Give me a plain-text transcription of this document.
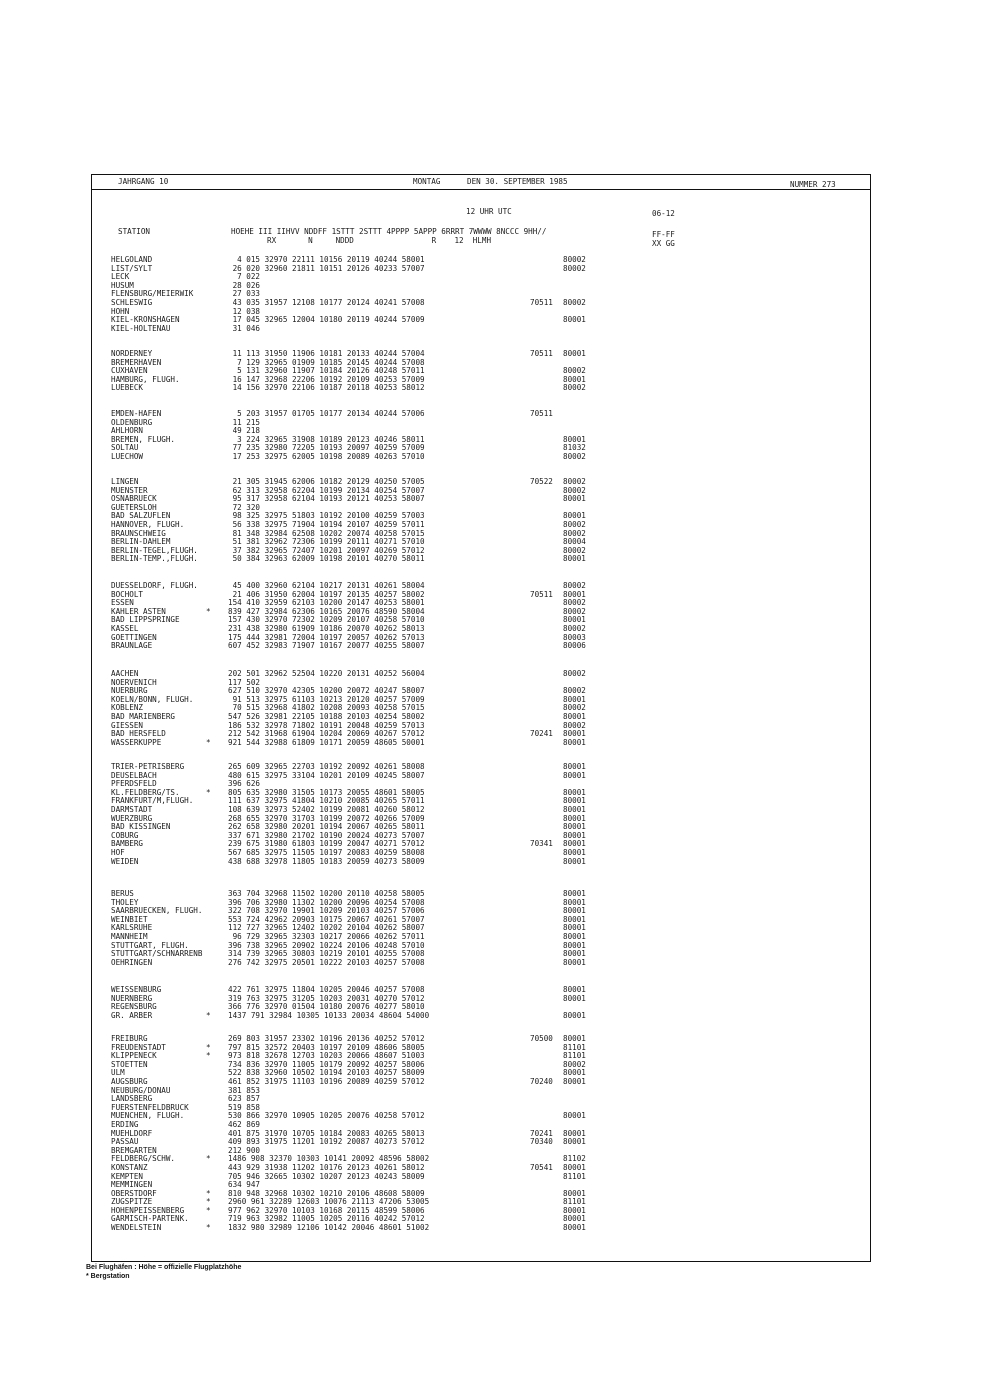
JAHRGANG 10	MONTAG	DEN 30. SEPTEMBER 1985	NUMMER 273
12 UHR UTC	06-12
STATION	HOEHE III IIHVV NDDFF 1STTT 2STTT 4PPPP 5APPP 6RRRT 7WWWW 8NCCC 9HH//
RX       N     NDDD                 R    12  HLMH
FF-FF
XX GG
HELGOLAND	4 015 32970 22111 10156 20119 40244 58001	80002
LIST/SYLT	26 020 32960 21811 10151 20126 40233 57007	80002
LECK	7 022
HUSUM	28 026
FLENSBURG/MEIERWIK	27 033
SCHLESWIG	43 035 31957 12108 10177 20124 40241 57008	70511 80002
HOHN	12 038
KIEL-KRONSHAGEN	17 045 32965 12004 10180 20119 40244 57009	80001
KIEL-HOLTENAU	31 046
NORDERNEY	11 113 31950 11906 10181 20133 40244 57004	70511 80001
BREMERHAVEN	7 129 32965 01909 10185 20145 40244 57008
CUXHAVEN	5 131 32960 11907 10184 20126 40248 57011	80002
HAMBURG, FLUGH.	16 147 32968 22206 10192 20109 40253 57009	80001
LUEBECK	14 156 32970 22106 10187 20118 40253 58012	80002
EMDEN-HAFEN	5 203 31957 01705 10177 20134 40244 57006	70511
OLDENBURG	11 215
AHLHORN	49 218
BREMEN, FLUGH.	3 224 32965 31908 10189 20123 40246 58011	80001
SOLTAU	77 235 32980 72205 10193 20097 40259 57009	81032
LUECHOW	17 253 32975 62005 10198 20089 40263 57010	80002
LINGEN	21 305 31945 62006 10182 20129 40250 57005	70522 80002
MUENSTER	62 313 32958 62204 10199 20134 40254 57007	80002
OSNABRUECK	95 317 32958 62104 10193 20121 40253 58007	80001
GUETERSLOH	72 320
BAD SALZUFLEN	98 325 32975 51803 10192 20100 40259 57003	80001
HANNOVER, FLUGH.	56 338 32975 71904 10194 20107 40259 57011	80002
BRAUNSCHWEIG	81 348 32984 62508 10202 20074 40258 57015	80002
BERLIN-DAHLEM	51 381 32962 72306 10199 20111 40271 57010	80004
BERLIN-TEGEL,FLUGH.	37 382 32965 72407 10201 20097 40269 57012	80002
BERLIN-TEMP.,FLUGH.	50 384 32963 62009 10198 20101 40270 58011	80001
DUESSELDORF, FLUGH.	45 400 32960 62104 10217 20131 40261 58004	80002
BOCHOLT	21 406 31950 62004 10197 20135 40257 58002	70511 80001
ESSEN	154 410 32959 62103 10200 20147 40253 58001	80002
KAHLER ASTEN	* 839 427 32984 62306 10165 20076 48590 58004	80002
BAD LIPPSPRINGE	157 430 32970 72302 10209 20107 40258 57010	80001
KASSEL	231 438 32980 61909 10186 20070 40262 58013	80002
GOETTINGEN	175 444 32981 72004 10197 20057 40262 57013	80003
BRAUNLAGE	607 452 32983 71907 10167 20077 40255 58007	80006
AACHEN	202 501 32962 52504 10220 20131 40252 56004	80002
NOERVENICH	117 502
NUERBURG	627 510 32970 42305 10200 20072 40247 58007	80002
KOELN/BONN, FLUGH.	91 513 32975 61103 10213 20120 40257 57009	80001
KOBLENZ	70 515 32968 41802 10208 20093 40258 57015	80002
BAD MARIENBERG	547 526 32981 22105 10188 20103 40254 58002	80001
GIESSEN	186 532 32978 71802 10191 20048 40259 57013	80002
BAD HERSFELD	212 542 31968 61904 10204 20069 40267 57012	70241 80001
WASSERKUPPE	* 921 544 32988 61809 10171 20059 48605 50001	80001
TRIER-PETRISBERG	265 609 32965 22703 10192 20092 40261 58008	80001
DEUSELBACH	480 615 32975 33104 10201 20109 40245 58007	80001
PFERDSFELD	396 626
KL.FELDBERG/TS.	* 805 635 32980 31505 10173 20055 48601 58005	80001
FRANKFURT/M,FLUGH.	111 637 32975 41804 10210 20085 40265 57011	80001
DARMSTADT	108 639 32973 52402 10199 20081 40260 58012	80001
WUERZBURG	268 655 32970 31703 10199 20072 40266 57009	80001
BAD KISSINGEN	262 658 32980 20201 10194 20067 40265 58011	80001
COBURG	337 671 32980 21702 10190 20024 40273 57007	80001
BAMBERG	239 675 31980 61803 10199 20047 40271 57012	70341 80001
HOF	567 685 32975 11505 10197 20083 40259 58008	80001
WEIDEN	438 688 32978 11805 10183 20059 40273 58009	80001
BERUS	363 704 32968 11502 10200 20110 40258 58005	80001
THOLEY	396 706 32980 11302 10200 20096 40254 57008	80001
SAARBRUECKEN, FLUGH.	322 708 32970 19901 10209 20103 40257 57006	80001
WEINBIET	553 724 42962 20903 10175 20067 40261 57007	80001
KARLSRUHE	112 727 32965 12402 10202 20104 40262 58007	80001
MANNHEIM	96 729 32965 32303 10217 20066 40262 57011	80001
STUTTGART, FLUGH.	396 738 32965 20902 10224 20106 40248 57010	80001
STUTTGART/SCHNARRENB	314 739 32965 30803 10219 20101 40255 57008	80001
OEHRINGEN	276 742 32975 20501 10222 20103 40257 57008	80001
WEISSENBURG	422 761 32975 11804 10205 20046 40257 57008	80001
NUERNBERG	319 763 32975 31205 10203 20031 40270 57012	80001
REGENSBURG	366 776 32970 01504 10180 20076 40277 58010
GR. ARBER	* 1437 791 32984 10305 10133 20034 48604 54000	80001
FREIBURG	269 803 31957 23302 10196 20136 40252 57012	70500 80001
FREUDENSTADT	* 797 815 32572 20403 10197 20109 48606 58005	81101
KLIPPENECK	* 973 818 32678 12703 10203 20066 48607 51003	81101
STOETTEN	734 836 32970 11005 10179 20092 40257 58006	80002
ULM	522 838 32960 10502 10194 20103 40257 58009	80001
AUGSBURG	461 852 31975 11103 10196 20089 40259 57012	70240 80001
NEUBURG/DONAU	381 853
LANDSBERG	623 857
FUERSTENFELDBRUCK	519 858
MUENCHEN, FLUGH.	530 866 32970 10905 10205 20076 40258 57012	80001
ERDING	462 869
MUEHLDORF	401 875 31970 10705 10184 20083 40265 58013	70241 80001
PASSAU	409 893 31975 11201 10192 20087 40273 57012	70340 80001
BREMGARTEN	212 900
FELDBERG/SCHW.	* 1486 908 32370 10303 10141 20092 48596 58002	81102
KONSTANZ	443 929 31938 11202 10176 20123 40261 58012	70541 80001
KEMPTEN	705 946 32665 10302 10207 20123 40243 58009	81101
MEMMINGEN	634 947
OBERSTDORF	* 810 948 32968 10302 10210 20106 48608 58009	80001
ZUGSPITZE	* 2960 961 32289 12603 10076 21113 47206 53005	81101
HOHENPEISSENBERG	* 977 962 32970 10103 10168 20115 48599 58006	80001
GARMISCH-PARTENK.	719 963 32982 11005 10205 20116 40242 57012	80001
WENDELSTEIN	* 1832 980 32989 12106 10142 20046 48601 51002	80001
Bei Flughäfen : Höhe = offizielle Flugplatzhöhe
* Bergstation
